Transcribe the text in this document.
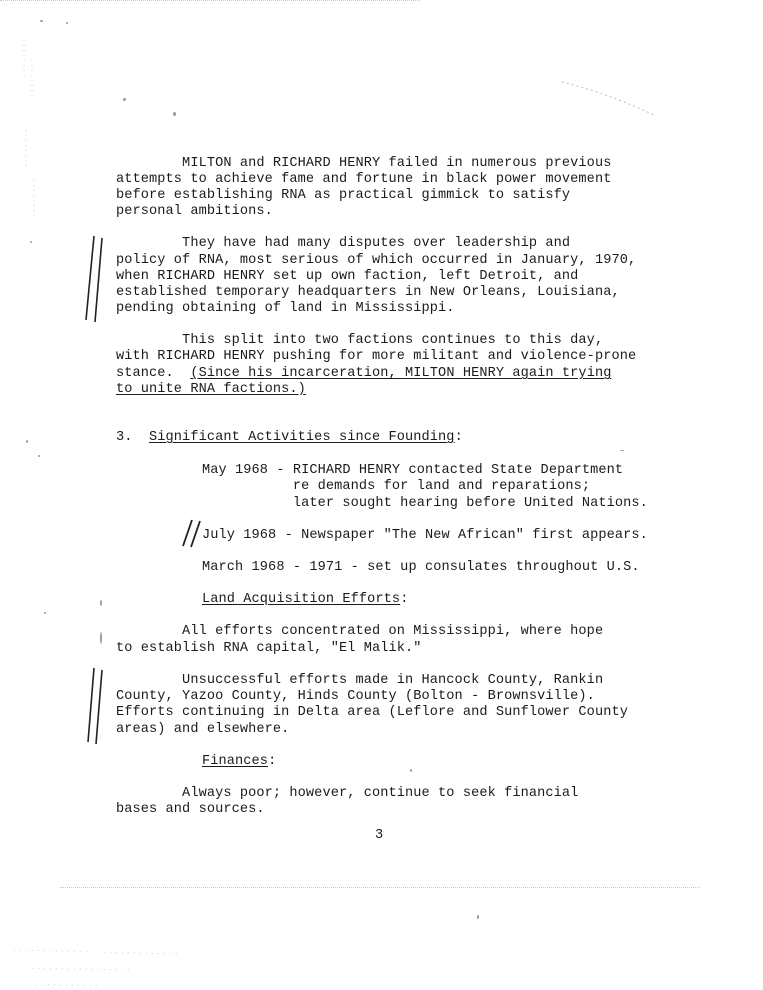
MILTON and RICHARD HENRY failed in numerous previous
attempts to achieve fame and fortune in black power movement
before establishing RNA as practical gimmick to satisfy
personal ambitions.
They have had many disputes over leadership and
policy of RNA, most serious of which occurred in January, 1970,
when RICHARD HENRY set up own faction, left Detroit, and
established temporary headquarters in New Orleans, Louisiana,
pending obtaining of land in Mississippi.
This split into two factions continues to this day,
with RICHARD HENRY pushing for more militant and violence-prone
stance.  (Since his incarceration, MILTON HENRY again trying
to unite RNA factions.)
3. Significant Activities since Founding:
May 1968 - RICHARD HENRY contacted State Department
re demands for land and reparations;
later sought hearing before United Nations.
July 1968 - Newspaper "The New African" first appears.
March 1968 - 1971 - set up consulates throughout U.S.
Land Acquisition Efforts:
All efforts concentrated on Mississippi, where hope
to establish RNA capital, "El Malik."
Unsuccessful efforts made in Hancock County, Rankin
County, Yazoo County, Hinds County (Bolton - Brownsville).
Efforts continuing in Delta area (Leflore and Sunflower County
areas) and elsewhere.
Finances:
Always poor; however, continue to seek financial
bases and sources.
3
